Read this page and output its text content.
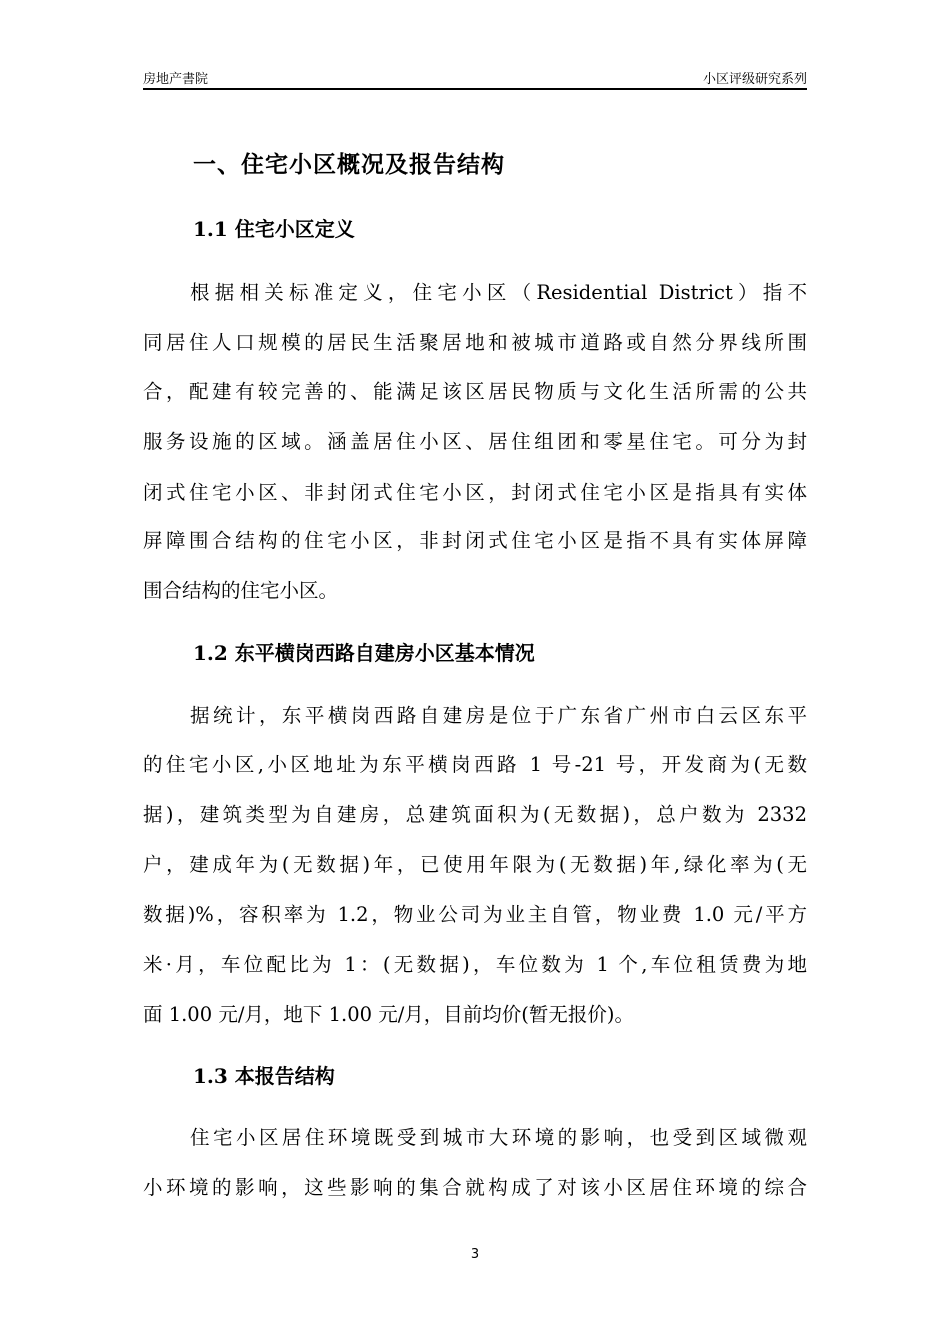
房地产書院	小区评级研究系列
一、住宅小区概况及报告结构
1.1 住宅小区定义
根据相关标准定义，住宅小区（Residential District）指不
同居住人口规模的居民生活聚居地和被城市道路或自然分界线所围
合，配建有较完善的、能满足该区居民物质与文化生活所需的公共
服务设施的区域。涵盖居住小区、居住组团和零星住宅。可分为封
闭式住宅小区、非封闭式住宅小区，封闭式住宅小区是指具有实体
屏障围合结构的住宅小区，非封闭式住宅小区是指不具有实体屏障
围合结构的住宅小区。
1.2 东平横岗西路自建房小区基本情况
据统计，东平横岗西路自建房是位于广东省广州市白云区东平
的住宅小区,小区地址为东平横岗西路 1 号-21 号，开发商为(无数
据)，建筑类型为自建房，总建筑面积为(无数据)，总户数为 2332
户，建成年为(无数据)年，已使用年限为(无数据)年,绿化率为(无
数据)%，容积率为 1.2，物业公司为业主自管，物业费 1.0 元/平方
米·月，车位配比为 1：(无数据)，车位数为 1 个,车位租赁费为地
面 1.00 元/月，地下 1.00 元/月，目前均价(暂无报价)。
1.3 本报告结构
住宅小区居住环境既受到城市大环境的影响，也受到区域微观
小环境的影响，这些影响的集合就构成了对该小区居住环境的综合
3
